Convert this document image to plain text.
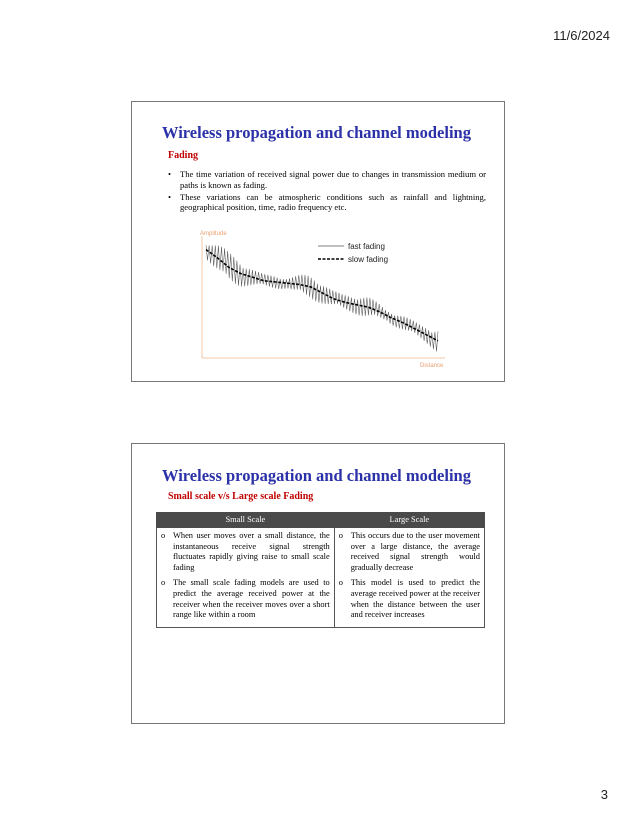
11/6/2024
Wireless propagation and channel modeling
Fading
• The time variation of received signal power due to changes in transmission medium or paths is known as fading.
• These variations can be atmospheric conditions such as rainfall and lightning, geographical position, time, radio frequency etc.
Amplitude
Distance
fast fading
slow fading
Wireless propagation and channel modeling
Small scale v/s Large scale Fading
Small Scale	Large Scale

o When user moves over a small distance, the instantaneous receive signal strength fluctuates rapidly giving raise to small scale fading	o This occurs due to the user movement over a large distance, the average received signal strength would gradually decrease

o The small scale fading models are used to predict the average received power at the receiver when the receiver moves over a short range like within a room	o This model is used to predict the average received power at the receiver when the distance between the user and receiver increases
3
